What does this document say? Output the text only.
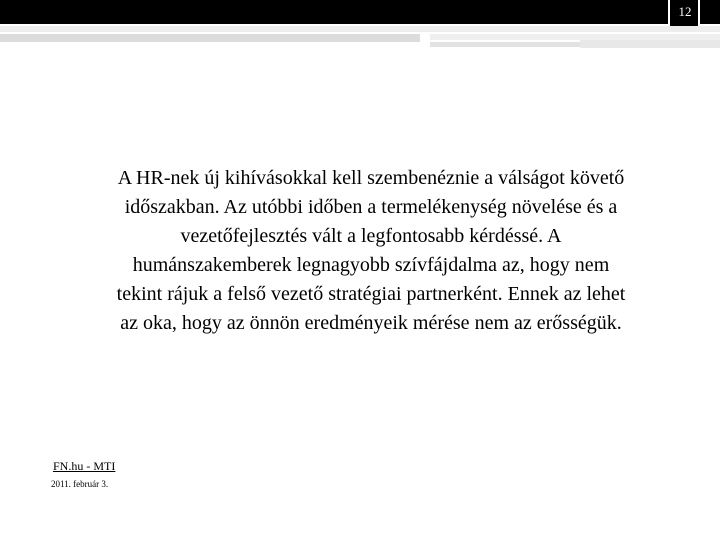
12

A HR-nek új kihívásokkal kell szembenéznie a válságot követő
időszakban. Az utóbbi időben a termelékenység növelése és a
vezetőfejlesztés vált a legfontosabb kérdéssé. A
humánszakemberek legnagyobb szívfájdalma az, hogy nem
tekint rájuk a felső vezető stratégiai partnerként. Ennek az lehet
az oka, hogy az önnön eredményeik mérése nem az erősségük.

FN.hu - MTI
2011. február 3.
